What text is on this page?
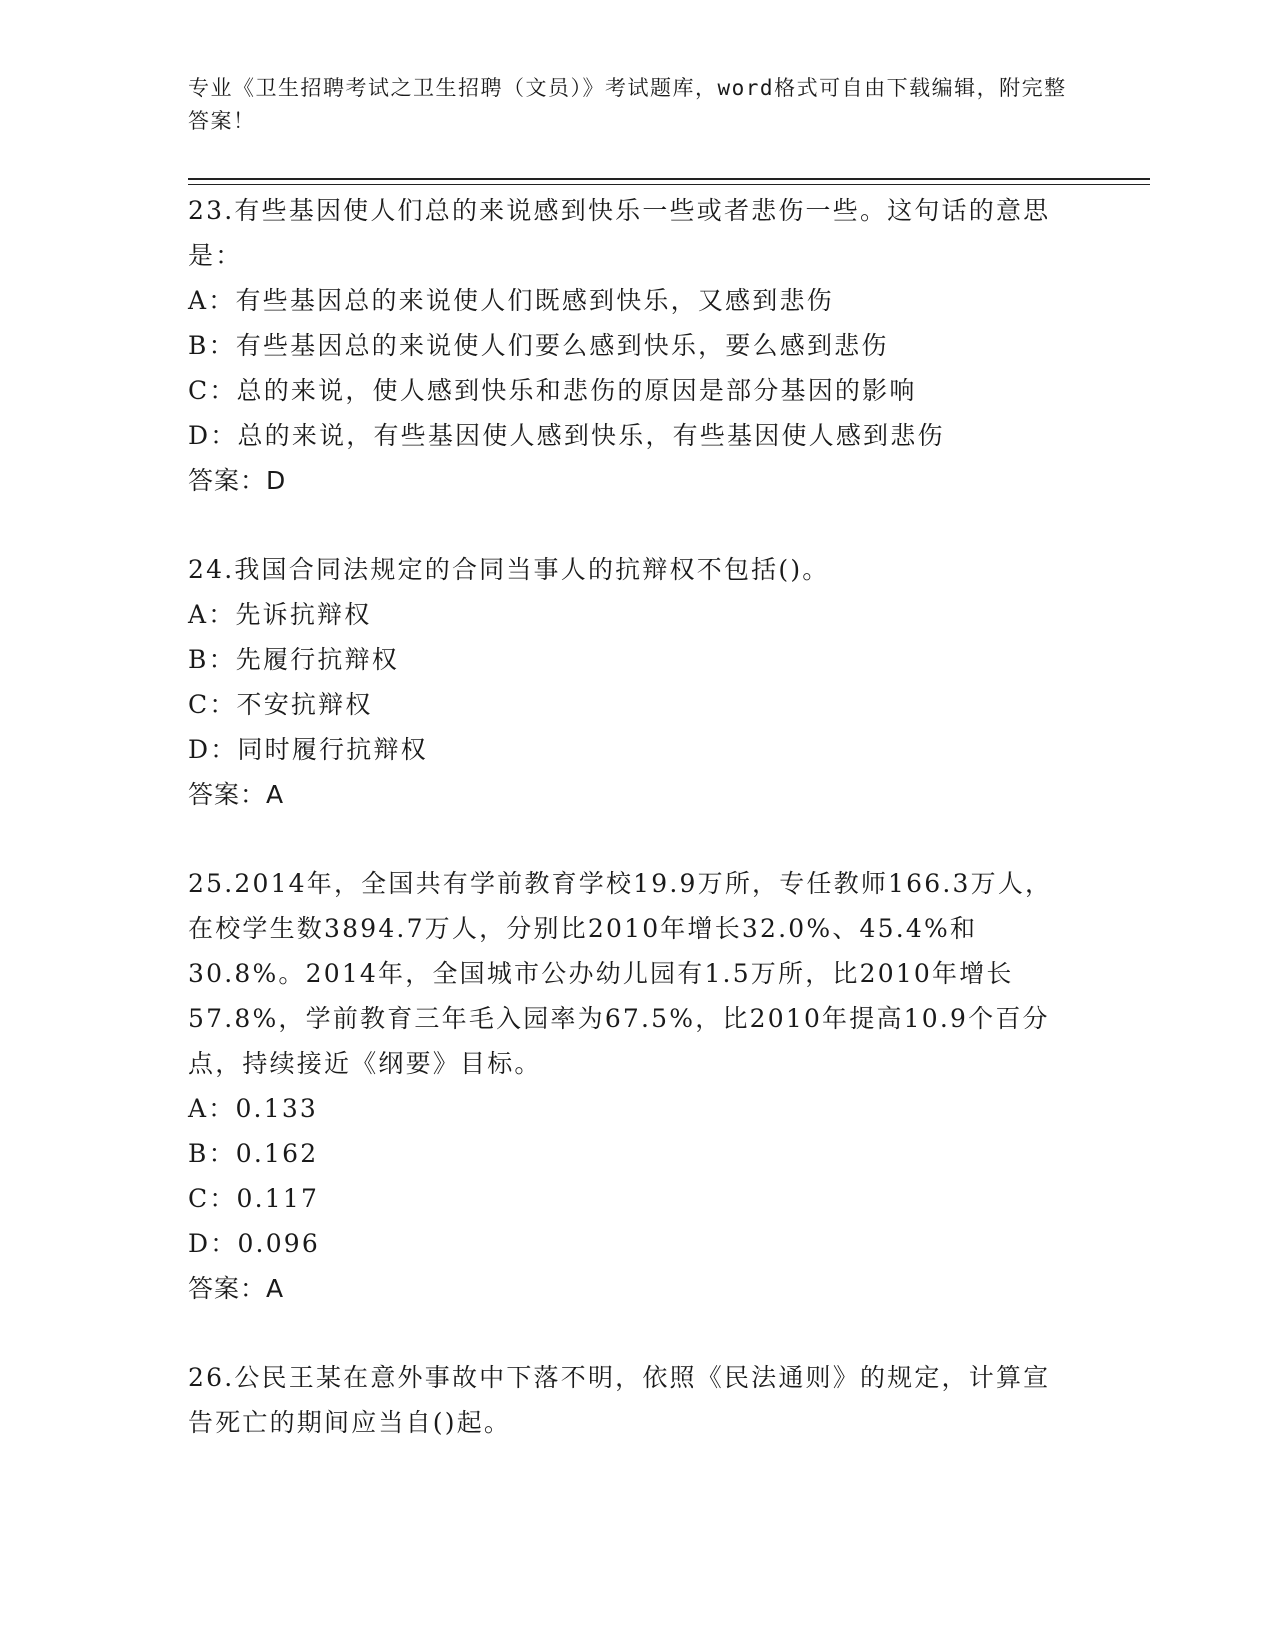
专业《卫生招聘考试之卫生招聘（文员）》考试题库，word格式可自由下载编辑，附完整答案！

23.有些基因使人们总的来说感到快乐一些或者悲伤一些。这句话的意思是：

A：有些基因总的来说使人们既感到快乐，又感到悲伤

B：有些基因总的来说使人们要么感到快乐，要么感到悲伤

C：总的来说，使人感到快乐和悲伤的原因是部分基因的影响

D：总的来说，有些基因使人感到快乐，有些基因使人感到悲伤

答案：D

24.我国合同法规定的合同当事人的抗辩权不包括()。

A：先诉抗辩权

B：先履行抗辩权

C：不安抗辩权

D：同时履行抗辩权

答案：A

25.2014年，全国共有学前教育学校19.9万所，专任教师166.3万人，在校学生数3894.7万人，分别比2010年增长32.0%、45.4%和30.8%。2014年，全国城市公办幼儿园有1.5万所，比2010年增长57.8%，学前教育三年毛入园率为67.5%，比2010年提高10.9个百分点，持续接近《纲要》目标。

A：0.133

B：0.162

C：0.117

D：0.096

答案：A

26.公民王某在意外事故中下落不明，依照《民法通则》的规定，计算宣告死亡的期间应当自()起。
